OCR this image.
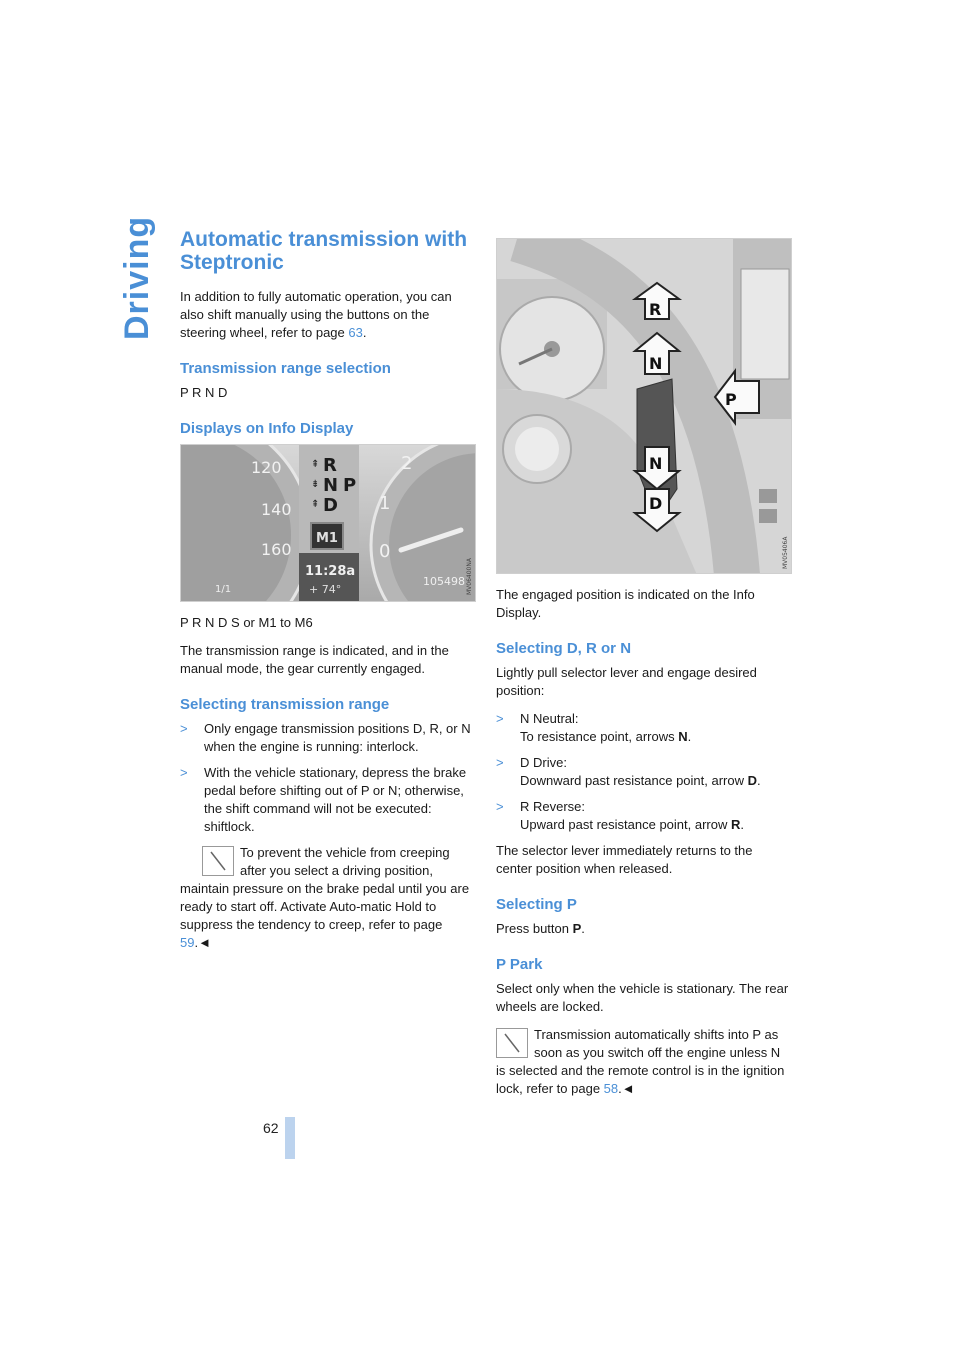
Driving
62
Automatic transmission with Steptronic

In addition to fully automatic operation, you can also shift manually using the buttons on the steering wheel, refer to page 63.

Transmission range selection

P R N D

Displays on Info Display
120
140
160
2
1
0
⇞
⇟
⇞
R
N P
D
M1
11:28a
+ 74°
105498
1/1	MV06400NA

P R N D S or M1 to M6

The transmission range is indicated, and in the manual mode, the gear currently engaged.

Selecting transmission range
> Only engage transmission positions D, R, or N when the engine is running: interlock.
> With the vehicle stationary, depress the brake pedal before shifting out of P or N; otherwise, the shift command will not be executed: shiftlock.
To prevent the vehicle from creeping after you select a driving position, maintain pressure on the brake pedal until you are ready to start off. Activate Auto-matic Hold to suppress the tendency to creep, refer to page 59.◄
R
N
P
N
D
MV05406A

The engaged position is indicated on the Info Display.

Selecting D, R or N

Lightly pull selector lever and engage desired position:

> N Neutral:
To resistance point, arrows N.
> D Drive:
Downward past resistance point, arrow D.
> R Reverse:
Upward past resistance point, arrow R.

The selector lever immediately returns to the center position when released.

Selecting P

Press button P.

P Park

Select only when the vehicle is stationary. The rear wheels are locked.

Transmission automatically shifts into P as soon as you switch off the engine unless N is selected and the remote control is in the ignition lock, refer to page 58.◄
